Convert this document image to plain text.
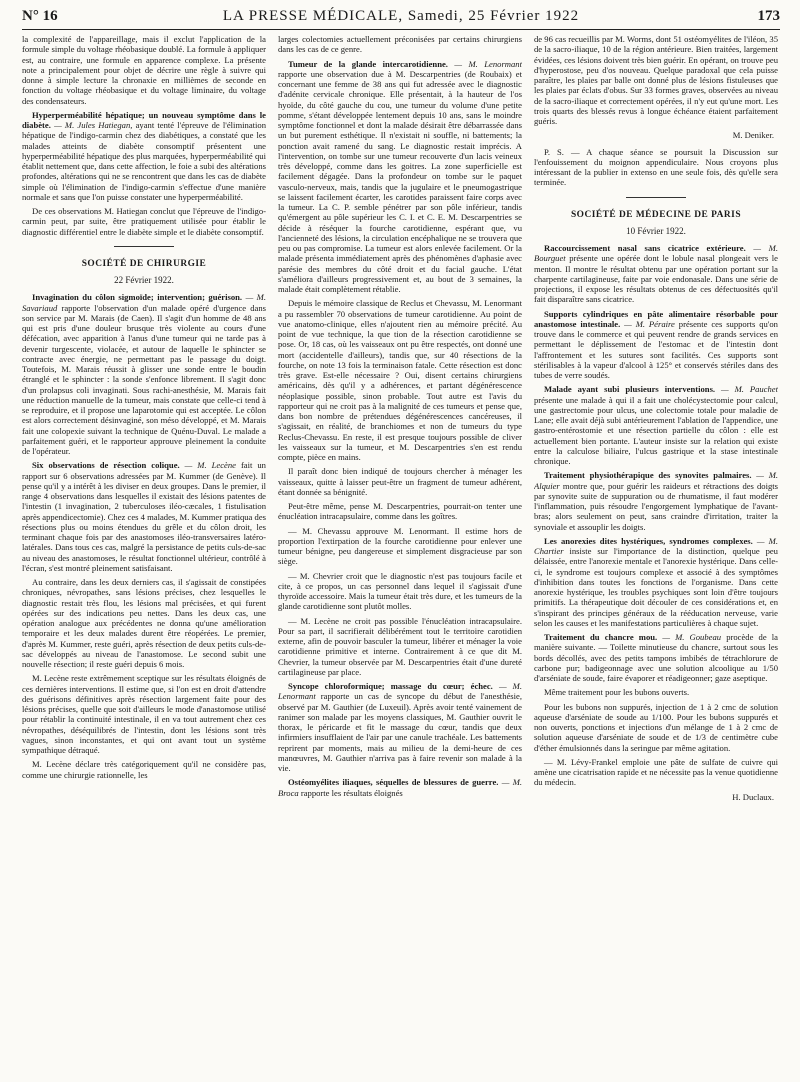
N° 16	LA PRESSE MÉDICALE, Samedi, 25 Février 1922	173

la complexité de l'appareillage, mais il exclut l'application de la formule simple du voltage rhéobasique doublé. La formule à appliquer est, au contraire, une formule en apparence complexe. La présente note a principalement pour objet de décrire une règle à suivre qui donne à simple lecture la chronaxie en millièmes de seconde en fonction du voltage rhéobasique et du voltage liminaire, du voltage des condensateurs.

Hyperperméabilité hépatique; un nouveau symptôme dans le diabète. — M. Jules Hatiegan, ayant tenté l'épreuve de l'élimination hépatique de l'indigo-carmin chez des diabétiques, a constaté que les malades atteints de diabète consomptif présentent une hyperperméabilité hépatique des plus marquées, hyperperméabilité qui établit nettement que, dans cette affection, le foie a subi des altérations profondes, altérations qui ne se rencontrent que dans les cas de diabète simple où l'élimination de l'indigo-carmin s'effectue d'une manière normale et sans que l'on puisse constater une hyperperméabilité.

De ces observations M. Hatiegan conclut que l'épreuve de l'indigo-carmin peut, par suite, être pratiquement utilisée pour établir le diagnostic différentiel entre le diabète simple et le diabète consomptif.

SOCIÉTÉ DE CHIRURGIE
22 Février 1922.

Invagination du côlon sigmoïde; intervention; guérison. — M. Savariaud rapporte l'observation d'un malade opéré d'urgence dans son service par M. Marais (de Caen). Il s'agit d'un homme de 48 ans qui est pris d'une douleur brusque très violente au cours d'une défécation, avec apparition à l'anus d'une tumeur qui ne tarde pas à devenir turgescente, violacée, et autour de laquelle le sphincter se contracte avec énergie, ne permettant pas le passage du doigt. Toutefois, M. Marais réussit à glisser une sonde entre le boudin étranglé et le sphincter : la sonde s'enfonce librement. Il s'agit donc d'un prolapsus coli invaginati. Sous rachi-anesthésie, M. Marais fait une réduction manuelle de la tumeur, mais constate que celle-ci tend à se reproduire, et il propose une laparotomie qui est acceptée. Le côlon est alors correctement désinvaginé, son méso développé, et M. Marais fait une colopexie suivant la technique de Quénu-Duval. Le malade a parfaitement guéri, et le rapporteur approuve pleinement la conduite de l'opérateur.

Six observations de résection colique. — M. Lecène fait un rapport sur 6 observations adressées par M. Kummer (de Genève). Il pense qu'il y a intérêt à les diviser en deux groupes. Dans le premier, il range 4 observations dans lesquelles il existait des lésions patentes de l'intestin (1 invagination, 2 tuberculoses iléo-cæcales, 1 fistulisation après appendicectomie). Chez ces 4 malades, M. Kummer pratiqua des résections plus ou moins étendues du grêle et du côlon droit, les terminant chaque fois par des anastomoses iléo-transversaires latéro-latérales. Dans tous ces cas, malgré la persistance de petits culs-de-sac au niveau des anastomoses, le résultat fonctionnel ultérieur, contrôlé à l'écran, s'est montré pleinement satisfaisant.

Au contraire, dans les deux derniers cas, il s'agissait de constipées chroniques, névropathes, sans lésions précises, chez lesquelles le diagnostic restait très flou, les lésions mal précisées, et qui furent opérées sur des indications peu nettes. Dans les deux cas, une opération analogue aux précédentes ne donna qu'une amélioration temporaire et les deux malades durent être réopérées. Le premier, d'après M. Kummer, reste guéri, après résection de deux petits culs-de-sac développés au niveau de l'anastomose. Le second subit une nouvelle résection; il reste guéri depuis 6 mois.

M. Lecène reste extrêmement sceptique sur les résultats éloignés de ces dernières interventions. Il estime que, si l'on est en droit d'attendre des guérisons définitives après résection largement faite pour des lésions précises, quelle que soit d'ailleurs le mode d'anastomose utilisé pour rétablir la continuité intestinale, il en va tout autrement chez ces névropathes, déséquilibrés de l'intestin, dont les lésions sont très vagues, sinon inconstantes, et qui ont avant tout un système sympathique détraqué.

M. Lecène déclare très catégoriquement qu'il ne considère pas, comme une chirurgie rationnelle, les

larges colectomies actuellement préconisées par certains chirurgiens dans les cas de ce genre.

Tumeur de la glande intercarotidienne. — M. Lenormant rapporte une observation due à M. Descarpentries (de Roubaix) et concernant une femme de 38 ans qui fut adressée avec le diagnostic d'adénite cervicale chronique. Elle présentait, à la hauteur de l'os hyoïde, du côté gauche du cou, une tumeur du volume d'une petite pomme, s'étant développée lentement depuis 10 ans, sans le moindre symptôme fonctionnel et dont la malade désirait être débarrassée dans un but purement esthétique. Il n'existait ni souffle, ni battements; la ponction avait ramené du sang. Le diagnostic restait imprécis. A l'intervention, on tombe sur une tumeur recouverte d'un lacis veineux très développé, comme dans les goitres. La zone superficielle est facilement dégagée. Dans la profondeur on tombe sur le paquet vasculo-nerveux, mais, tandis que la jugulaire et le pneumogastrique se laissent facilement écarter, les carotides paraissent faire corps avec la tumeur. La C. P. semble pénétrer par son pôle inférieur, tandis qu'émergent au pôle supérieur les C. I. et C. E. M. Descarpentries se décide à réséquer la fourche carotidienne, espérant que, vu l'ancienneté des lésions, la circulation encéphalique ne se trouvera que peu ou pas compromise. La tumeur est alors enlevée facilement. Or la malade présenta immédiatement après des phénomènes d'aphasie avec parésie des membres du côté droit et du facial gauche. L'état s'améliora d'ailleurs progressivement et, au bout de 3 semaines, la malade était complètement rétablie.

Depuis le mémoire classique de Reclus et Chevassu, M. Lenormant a pu rassembler 70 observations de tumeur carotidienne. Au point de vue anatomo-clinique, elles n'ajoutent rien au mémoire précité. Au point de vue technique, la que tion de la résection carotidienne se pose. Or, 18 cas, où les vaisseaux ont pu être respectés, ont donné une mort (accidentelle d'ailleurs), tandis que, sur 40 résections de la fourche, on note 13 fois la terminaison fatale. Cette résection est donc très grave. Est-elle nécessaire ? Oui, disent certains chirurgiens américains, dès qu'il y a adhérences, et partant dégénérescence néoplasique possible, sinon probable. Tout autre est l'avis du rapporteur qui ne croit pas à la malignité de ces tumeurs et pense que, dans bon nombre de prétendues dégénérescences cancéreuses, il s'agissait, en réalité, de branchiomes et non de tumeurs du type Reclus-Chevassu. En reste, il est presque toujours possible de cliver les vaisseaux sur la tumeur, et M. Descarpentries s'en est rendu compte, pièce en mains.

Il paraît donc bien indiqué de toujours chercher à ménager les vaisseaux, quitte à laisser peut-être un fragment de tumeur adhérent, étant donnée sa bénignité.

Peut-être même, pense M. Descarpentries, pourrait-on tenter une énucléation intracapsulaire, comme dans les goîtres.

— M. Chevassu approuve M. Lenormant. Il estime hors de proportion l'extirpation de la fourche carotidienne pour enlever une tumeur bénigne, peu dangereuse et simplement disgracieuse par son siège.

— M. Chevrier croit que le diagnostic n'est pas toujours facile et cite, à ce propos, un cas personnel dans lequel il s'agissait d'une thyroïde accessoire. Mais la tumeur était très dure, et les tumeurs de la glande carotidienne sont plutôt molles.

— M. Lecène ne croit pas possible l'énucléation intracapsulaire. Pour sa part, il sacrifierait délibérément tout le territoire carotidien externe, afin de pouvoir basculer la tumeur, libérer et ménager la voie carotidienne primitive et interne. Contrairement à ce que dit M. Chevrier, la tumeur observée par M. Descarpentries était d'une dureté cartilagineuse par place.

Syncope chloroformique; massage du cœur; échec. — M. Lenormant rapporte un cas de syncope du début de l'anesthésie, observé par M. Gauthier (de Luxeuil). Après avoir tenté vainement de ranimer son malade par les moyens classiques, M. Gauthier ouvrit le thorax, le péricarde et fit le massage du cœur, tandis que deux infirmiers insufflaient de l'air par une canule trachéale. Les battements reprirent par moments, mais au milieu de la demi-heure de ces manœuvres, M. Gauthier n'arriva pas à faire revenir son malade à la vie.

Ostéomyélites iliaques, séquelles de blessures de guerre. — M. Broca rapporte les résultats éloignés

de 96 cas recueillis par M. Worms, dont 51 ostéomyélites de l'iléon, 35 de la sacro-iliaque, 10 de la région antérieure. Bien traitées, largement évidées, ces lésions doivent très bien guérir. En opérant, on trouve peu d'hyperostose, peu d'os nouveau. Quelque paradoxal que cela puisse paraître, les plaies par balle ont donné plus de lésions fistuleuses que les plaies par éclats d'obus. Sur 33 formes graves, observées au niveau de la sacro-iliaque et correctement opérées, il n'y eut qu'une mort. Les trois quarts des blessés revus à longue échéance étaient parfaitement guéris.

M. Deniker.

P. S. — A chaque séance se poursuit la Discussion sur l'enfouissement du moignon appendiculaire. Nous croyons plus intéressant de la publier in extenso en une seule fois, dès qu'elle sera terminée.

SOCIÉTÉ DE MÉDECINE DE PARIS
10 Février 1922.

Raccourcissement nasal sans cicatrice extérieure. — M. Bourguet présente une opérée dont le lobule nasal plongeait vers le menton. Il montre le résultat obtenu par une opération portant sur la charpente cartilagineuse, faite par voie endonasale. Dans une série de projections, il expose les résultats obtenus de ces défectuosités qu'il fait disparaître sans cicatrice.

Supports cylindriques en pâte alimentaire résorbable pour anastomose intestinale. — M. Péraire présente ces supports qu'on trouve dans le commerce et qui peuvent rendre de grands services en permettant le déplissement de l'estomac et de l'intestin dont l'affrontement et les sutures sont facilités. Ces supports sont stérilisables à la vapeur d'alcool à 125° et conservés stériles dans des tubes de verre soudés.

Malade ayant subi plusieurs interventions. — M. Pauchet présente une malade à qui il a fait une cholécystectomie pour calcul, une gastrectomie pour ulcus, une colectomie totale pour maladie de Lane; elle avait déjà subi antérieurement l'ablation de l'appendice, une gastro-entérostomie et une résection partielle du côlon : elle est actuellement bien portante. L'auteur insiste sur la relation qui existe entre la calculose biliaire, l'ulcus gastrique et la stase intestinale chronique.

Traitement physiothérapique des synovites palmaires. — M. Alquier montre que, pour guérir les raideurs et rétractions des doigts par synovite suite de suppuration ou de rhumatisme, il faut modérer l'inflammation, puis résoudre l'engorgement lymphatique de l'avant-bras; alors seulement on peut, sans craindre d'irritation, traiter la synoviale et assouplir les doigts.

Les anorexies dites hystériques, syndromes complexes. — M. Chartier insiste sur l'importance de la distinction, quelque peu délaissée, entre l'anorexie mentale et l'anorexie hystérique. Dans celle-ci, le syndrome est toujours complexe et associé à des symptômes d'inhibition dans toutes les fonctions de l'organisme. Dans cette anorexie hystérique, les troubles psychiques sont loin d'être toujours primitifs. La thérapeutique doit découler de ces considérations et, en s'inspirant des principes généraux de la rééducation nerveuse, varie selon les causes et les manifestations particulières à chaque sujet.

Traitement du chancre mou. — M. Goubeau procède de la manière suivante. — Toilette minutieuse du chancre, surtout sous les bords décollés, avec des petits tampons imbibés de tétrachlorure de carbone pur; badigeonnage avec une solution alcoolique au 1/50 d'arséniate de soude, faire évaporer et réadigeonner; gaze aseptique.

Même traitement pour les bubons ouverts.

Pour les bubons non suppurés, injection de 1 à 2 cmc de solution aqueuse d'arséniate de soude au 1/100. Pour les bubons suppurés et non ouverts, ponctions et injections d'un mélange de 1 à 2 cmc de solution aqueuse d'arséniate de soude et de 1/3 de centimètre cube d'éther émulsionnés dans la seringue par même agitation.

— M. Lévy-Frankel emploie une pâte de sulfate de cuivre qui amène une cicatrisation rapide et ne nécessite pas la venue quotidienne du médecin.

H. Duclaux.
